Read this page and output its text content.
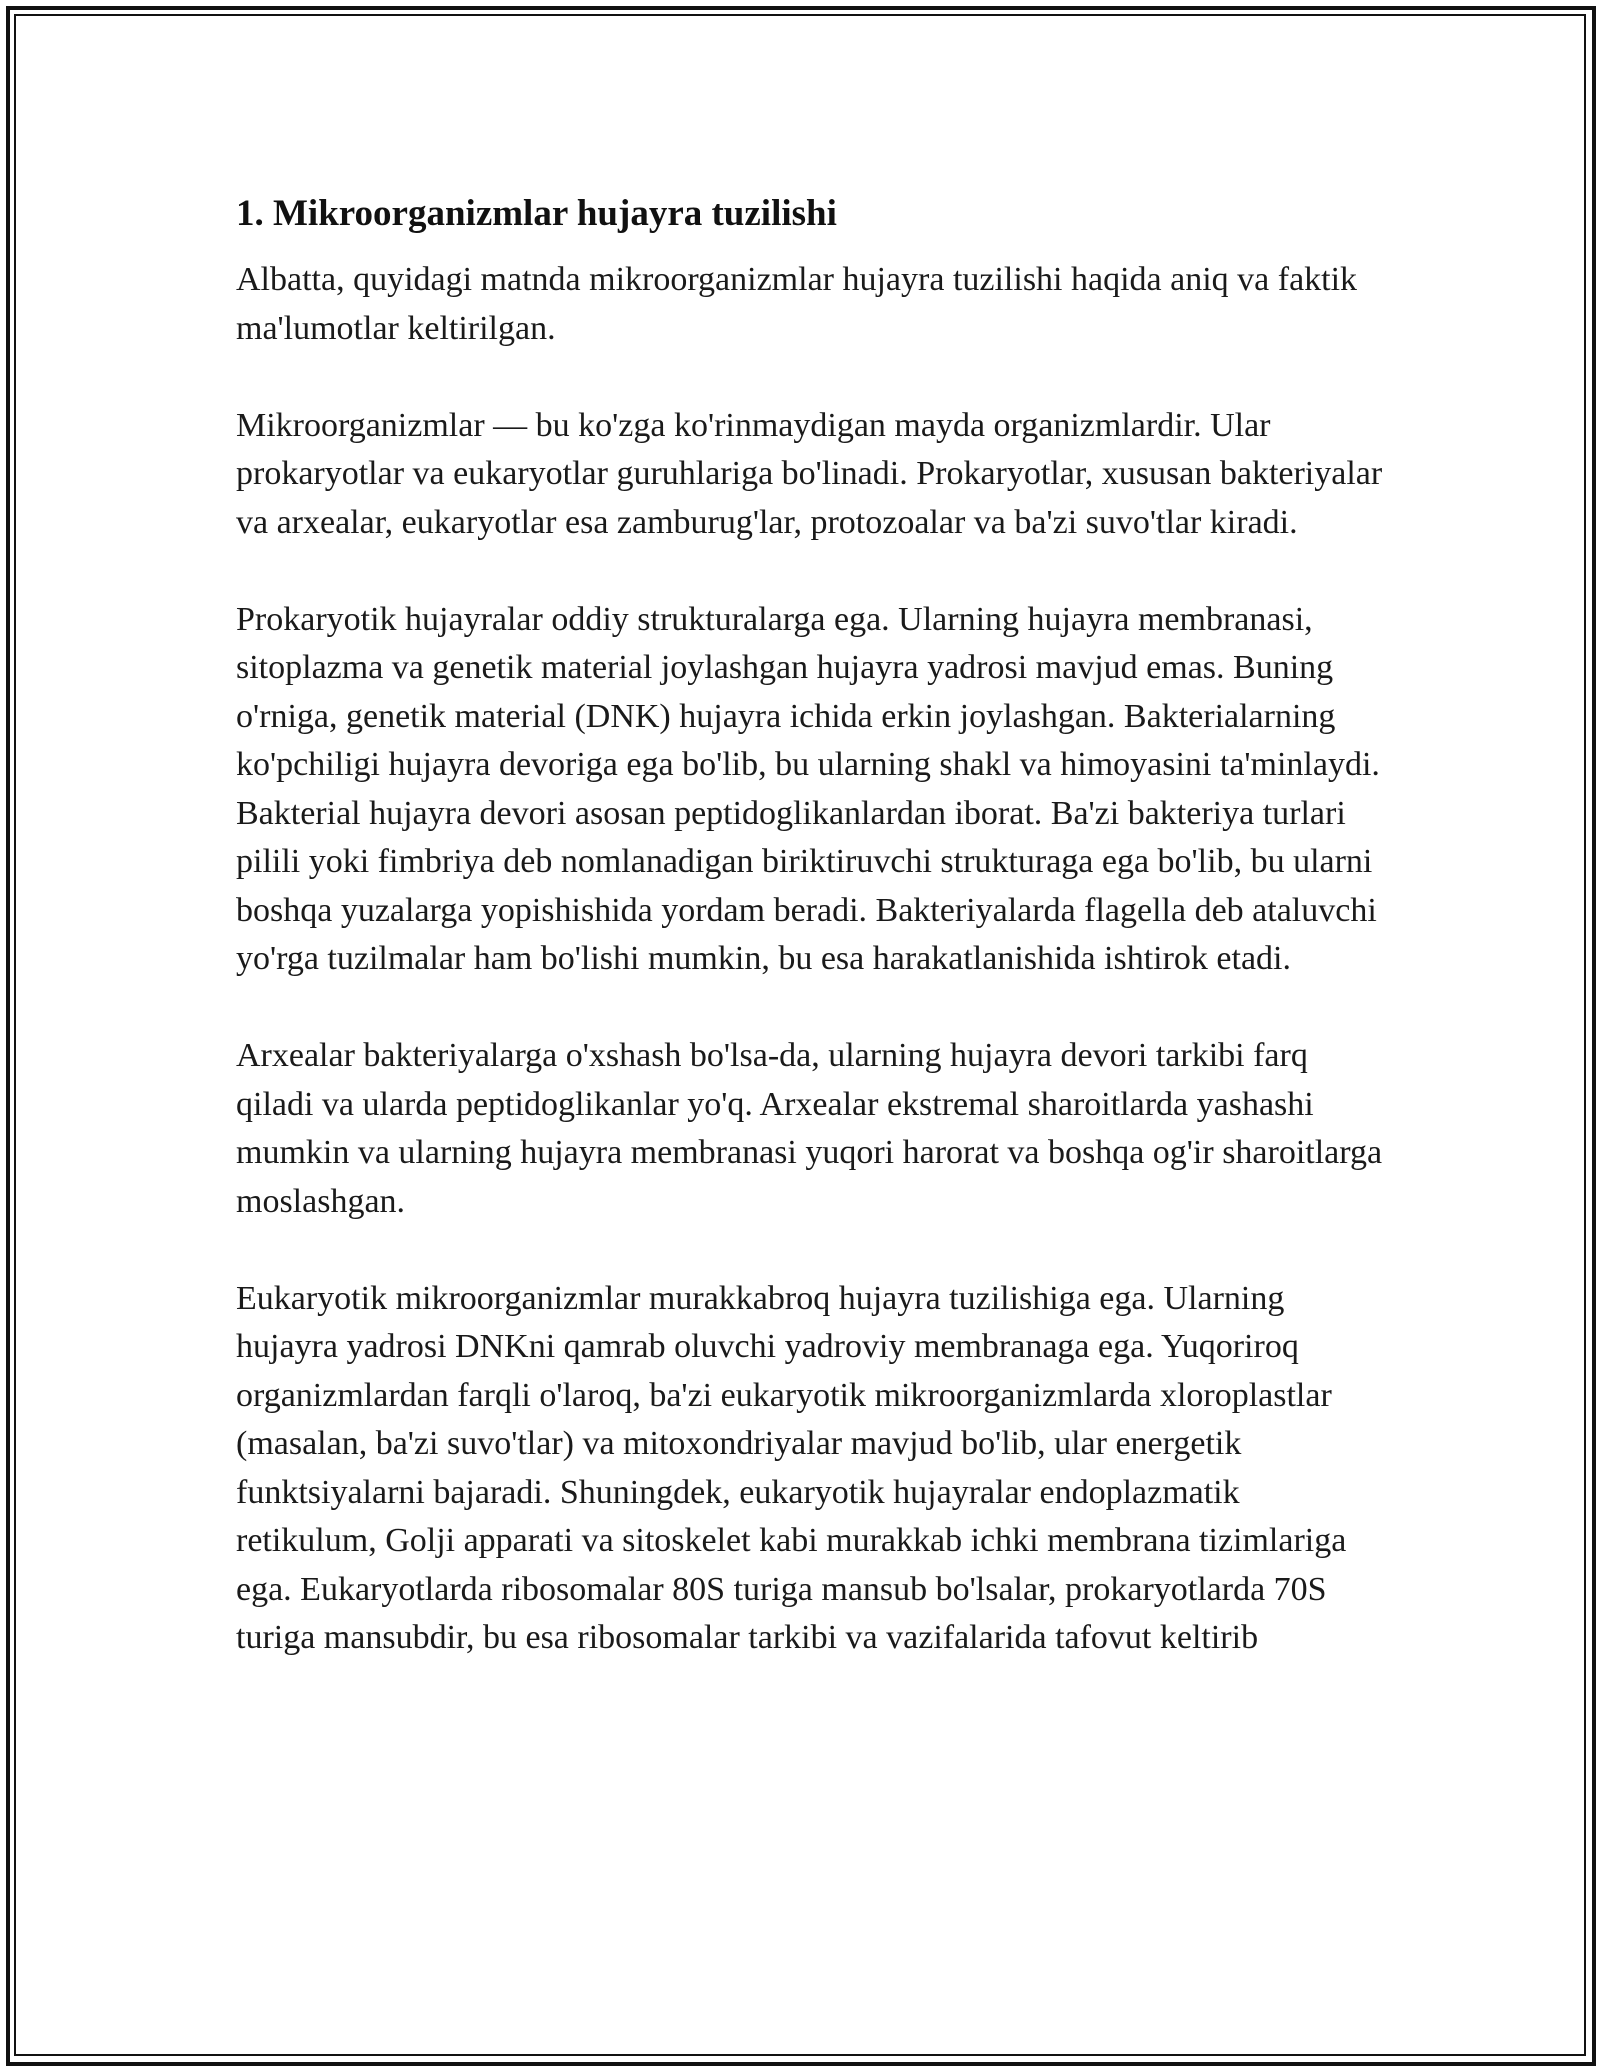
1. Mikroorganizmlar hujayra tuzilishi

Albatta, quyidagi matnda mikroorganizmlar hujayra tuzilishi haqida aniq va faktik ma'lumotlar keltirilgan.

Mikroorganizmlar — bu ko'zga ko'rinmaydigan mayda organizmlardir. Ular prokaryotlar va eukaryotlar guruhlariga bo'linadi. Prokaryotlar, xususan bakteriyalar va arxealar, eukaryotlar esa zamburug'lar, protozoalar va ba'zi suvo'tlar kiradi.

Prokaryotik hujayralar oddiy strukturalarga ega. Ularning hujayra membranasi, sitoplazma va genetik material joylashgan hujayra yadrosi mavjud emas. Buning o'rniga, genetik material (DNK) hujayra ichida erkin joylashgan. Bakterialarning ko'pchiligi hujayra devoriga ega bo'lib, bu ularning shakl va himoyasini ta'minlaydi. Bakterial hujayra devori asosan peptidoglikanlardan iborat. Ba'zi bakteriya turlari pilili yoki fimbriya deb nomlanadigan biriktiruvchi strukturaga ega bo'lib, bu ularni boshqa yuzalarga yopishishida yordam beradi. Bakteriyalarda flagella deb ataluvchi yo'rga tuzilmalar ham bo'lishi mumkin, bu esa harakatlanishida ishtirok etadi.

Arxealar bakteriyalarga o'xshash bo'lsa-da, ularning hujayra devori tarkibi farq qiladi va ularda peptidoglikanlar yo'q. Arxealar ekstremal sharoitlarda yashashi mumkin va ularning hujayra membranasi yuqori harorat va boshqa og'ir sharoitlarga moslashgan.

Eukaryotik mikroorganizmlar murakkabroq hujayra tuzilishiga ega. Ularning hujayra yadrosi DNKni qamrab oluvchi yadroviy membranaga ega. Yuqoriroq organizmlardan farqli o'laroq, ba'zi eukaryotik mikroorganizmlarda xloroplastlar (masalan, ba'zi suvo'tlar) va mitoxondriyalar mavjud bo'lib, ular energetik funktsiyalarni bajaradi. Shuningdek, eukaryotik hujayralar endoplazmatik retikulum, Golji apparati va sitoskelet kabi murakkab ichki membrana tizimlariga ega. Eukaryotlarda ribosomalar 80S turiga mansub bo'lsalar, prokaryotlarda 70S turiga mansubdir, bu esa ribosomalar tarkibi va vazifalarida tafovut keltirib
